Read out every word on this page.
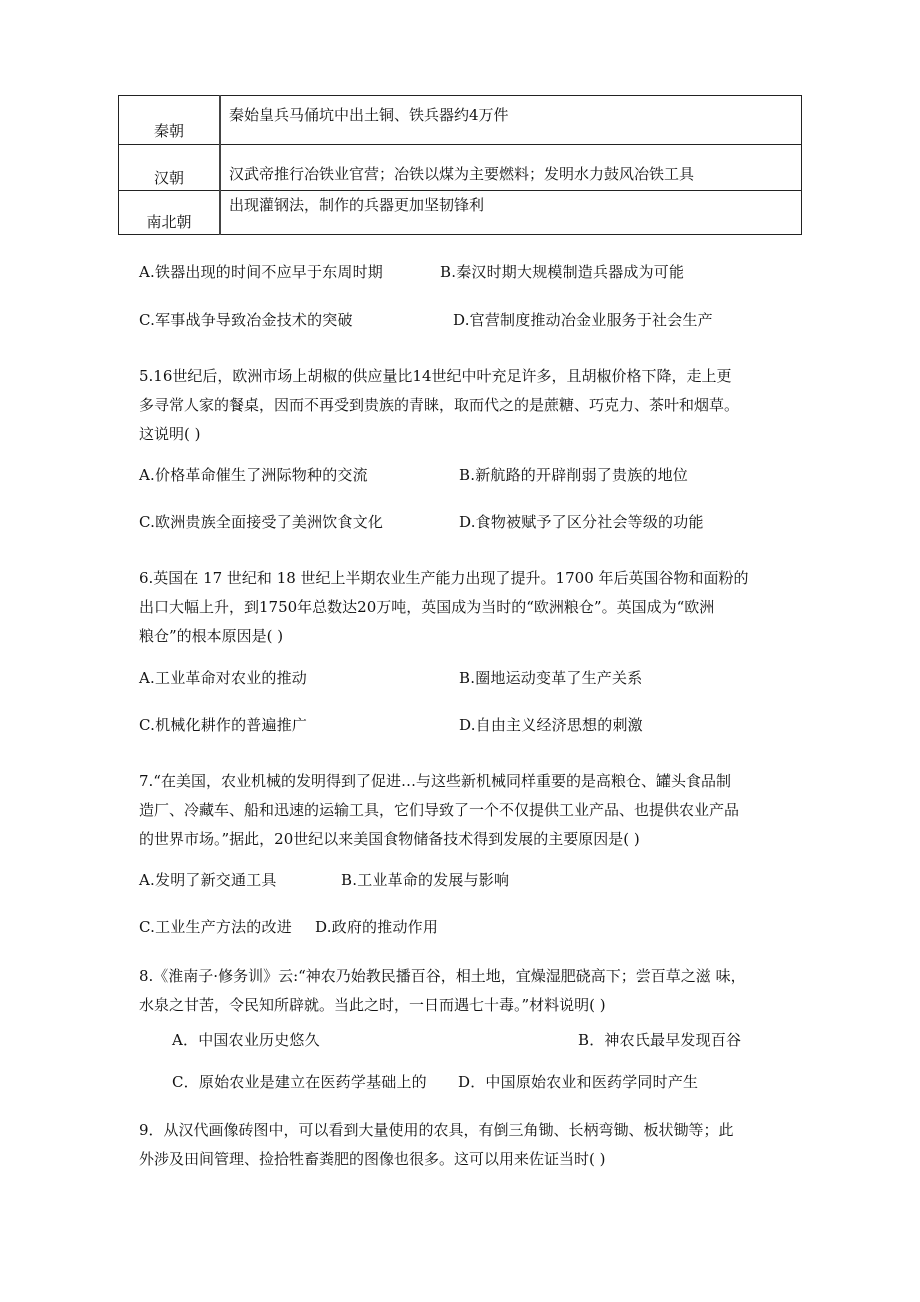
秦朝	秦始皇兵马俑坑中出土铜、铁兵器约4万件

汉朝	汉武帝推行冶铁业官营；冶铁以煤为主要燃料；发明水力鼓风冶铁工具

南北朝	出现灌钢法，制作的兵器更加坚韧锋利
A.铁器出现的时间不应早于东周时期	B.秦汉时期大规模制造兵器成为可能
C.军事战争导致冶金技术的突破	D.官营制度推动冶金业服务于社会生产
5.16世纪后，欧洲市场上胡椒的供应量比14世纪中叶充足许多，且胡椒价格下降，走上更
多寻常人家的餐桌，因而不再受到贵族的青睐，取而代之的是蔗糖、巧克力、茶叶和烟草。
这说明( )
A.价格革命催生了洲际物种的交流	B.新航路的开辟削弱了贵族的地位
C.欧洲贵族全面接受了美洲饮食文化	D.食物被赋予了区分社会等级的功能
6.英国在 17 世纪和 18 世纪上半期农业生产能力出现了提升。1700 年后英国谷物和面粉的
出口大幅上升，到1750年总数达20万吨，英国成为当时的“欧洲粮仓”。英国成为“欧洲
粮仓”的根本原因是( )
A.工业革命对农业的推动	B.圈地运动变革了生产关系
C.机械化耕作的普遍推广	D.自由主义经济思想的刺激
7.“在美国，农业机械的发明得到了促进…与这些新机械同样重要的是高粮仓、罐头食品制
造厂、冷藏车、船和迅速的运输工具，它们导致了一个不仅提供工业产品、也提供农业产品
的世界市场。”据此，20世纪以来美国食物储备技术得到发展的主要原因是( )
A.发明了新交通工具	B.工业革命的发展与影响
C.工业生产方法的改进 D.政府的推动作用
8.《淮南子·修务训》云:“神农乃始教民播百谷，相土地，宜燥湿肥硗高下；尝百草之滋 味，
水泉之甘苦，令民知所辟就。当此之时，一日而遇七十毒。”材料说明( )
A．中国农业历史悠久	B．神农氏最早发现百谷
C．原始农业是建立在医药学基础上的 D．中国原始农业和医药学同时产生
9．从汉代画像砖图中，可以看到大量使用的农具，有倒三角锄、长柄弯锄、板状锄等；此
外涉及田间管理、捡拾牲畜粪肥的图像也很多。这可以用来佐证当时( )
